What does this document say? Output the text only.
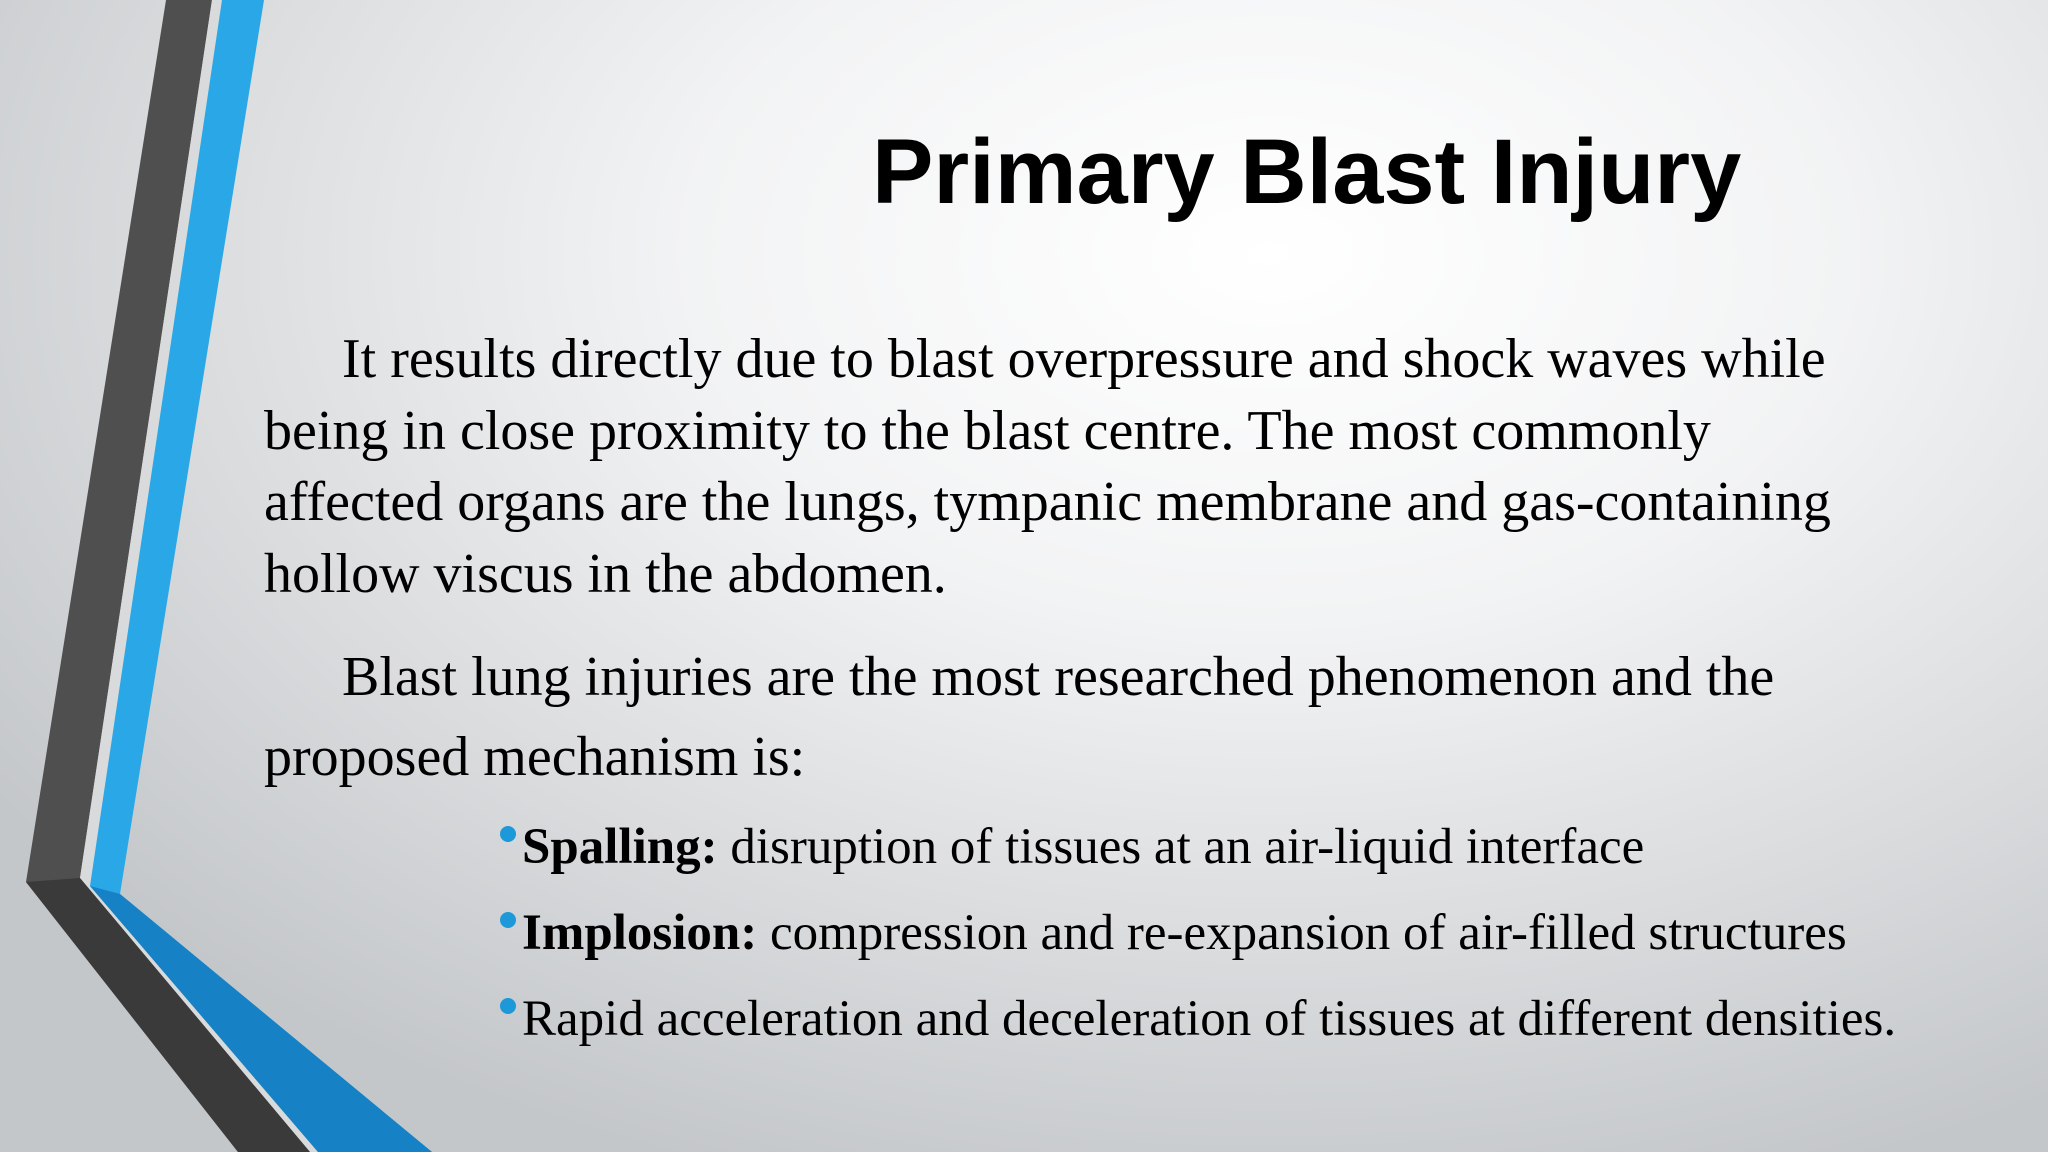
Primary Blast Injury

It results directly due to blast overpressure and shock waves while being in close proximity to the blast centre. The most commonly affected organs are the lungs, tympanic membrane and gas-containing hollow viscus in the abdomen.

Blast lung injuries are the most researched phenomenon and the proposed mechanism is:

Spalling: disruption of tissues at an air-liquid interface
Implosion: compression and re-expansion of air-filled structures
Rapid acceleration and deceleration of tissues at different densities.
